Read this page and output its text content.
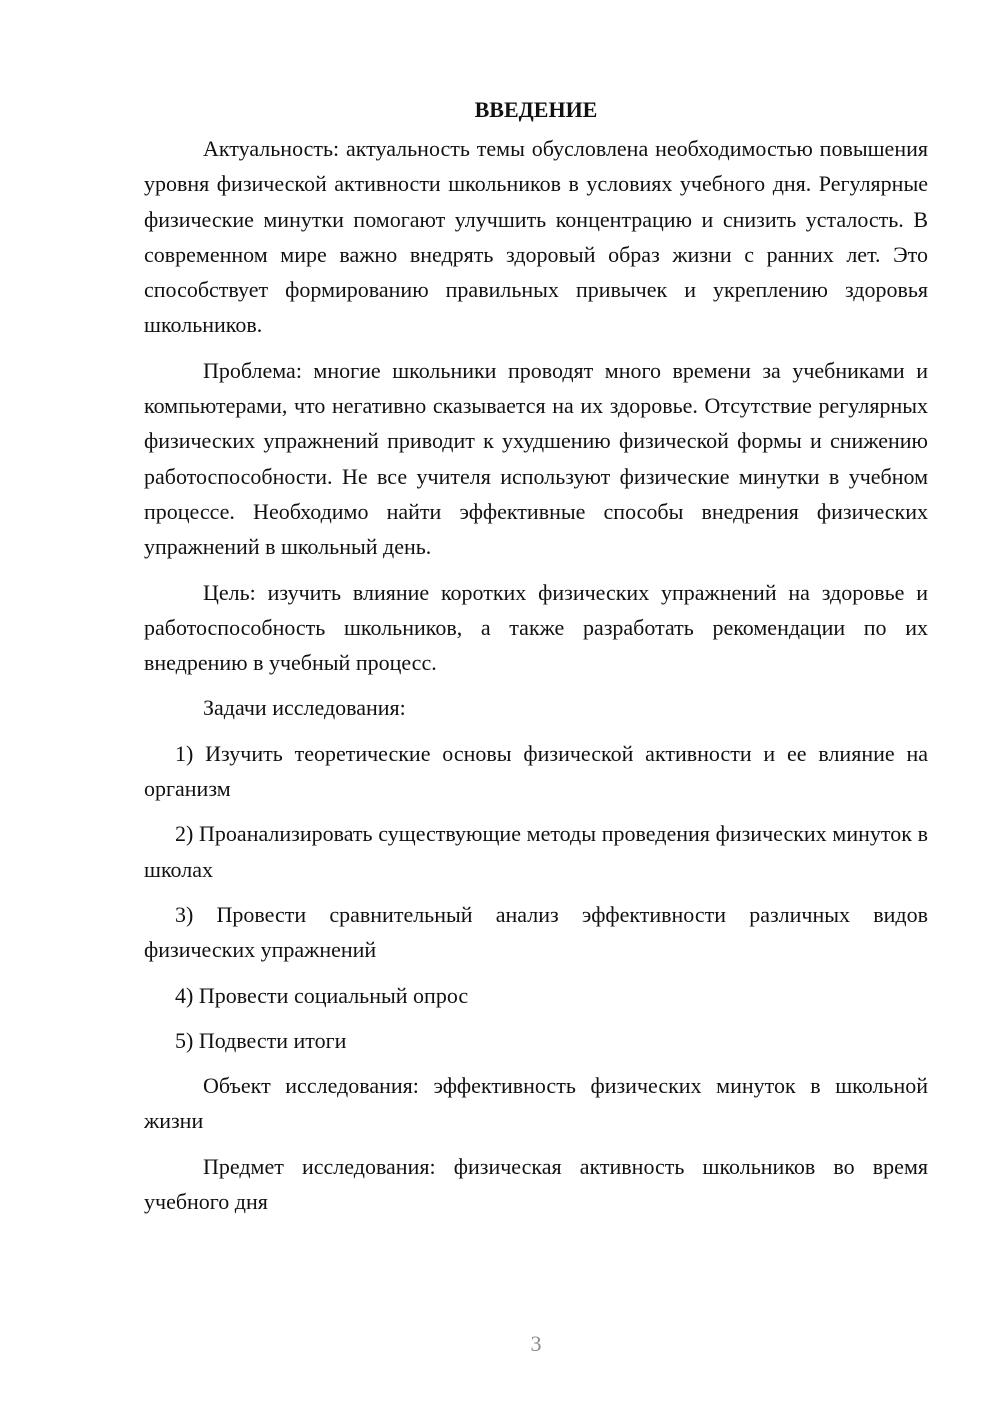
ВВЕДЕНИЕ

Актуальность: актуальность темы обусловлена необходимостью повышения уровня физической активности школьников в условиях учебного дня. Регулярные физические минутки помогают улучшить концентрацию и снизить усталость. В современном мире важно внедрять здоровый образ жизни с ранних лет. Это способствует формированию правильных привычек и укреплению здоровья школьников.

Проблема: многие школьники проводят много времени за учебниками и компьютерами, что негативно сказывается на их здоровье. Отсутствие регулярных физических упражнений приводит к ухудшению физической формы и снижению работоспособности. Не все учителя используют физические минутки в учебном процессе. Необходимо найти эффективные способы внедрения физических упражнений в школьный день.

Цель: изучить влияние коротких физических упражнений на здоровье и работоспособность школьников, а также разработать рекомендации по их внедрению в учебный процесс.

Задачи исследования:

1) Изучить теоретические основы физической активности и ее влияние на организм

2) Проанализировать существующие методы проведения физических минуток в школах

3) Провести сравнительный анализ эффективности различных видов физических упражнений

4) Провести социальный опрос

5) Подвести итоги

Объект исследования: эффективность физических минуток в школьной жизни

Предмет исследования: физическая активность школьников во время учебного дня

3
